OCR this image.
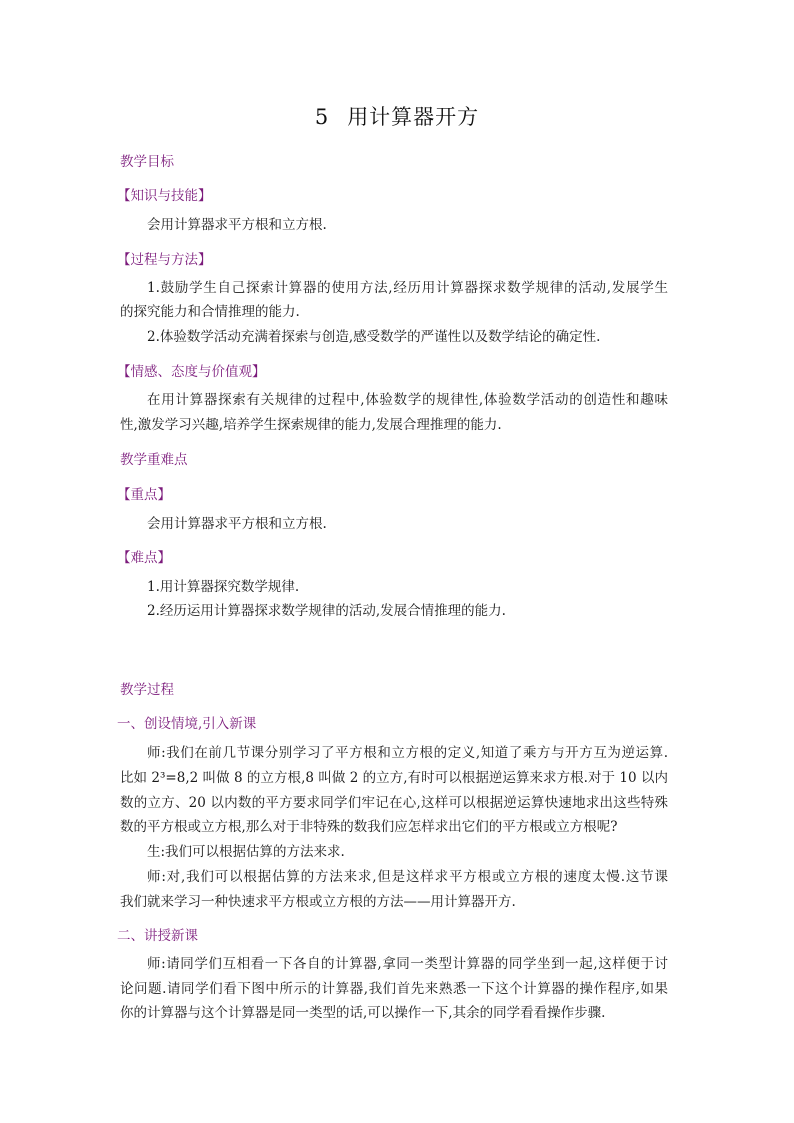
5 用计算器开方
教学目标
【知识与技能】
会用计算器求平方根和立方根.
【过程与方法】
1.鼓励学生自己探索计算器的使用方法,经历用计算器探求数学规律的活动,发展学生
的探究能力和合情推理的能力.
2.体验数学活动充满着探索与创造,感受数学的严谨性以及数学结论的确定性.
【情感、态度与价值观】
在用计算器探索有关规律的过程中,体验数学的规律性,体验数学活动的创造性和趣味
性,激发学习兴趣,培养学生探索规律的能力,发展合理推理的能力.
教学重难点
【重点】
会用计算器求平方根和立方根.
【难点】
1.用计算器探究数学规律.
2.经历运用计算器探求数学规律的活动,发展合情推理的能力.
教学过程
一、创设情境,引入新课
师:我们在前几节课分别学习了平方根和立方根的定义,知道了乘方与开方互为逆运算.
比如 2³=8,2 叫做 8 的立方根,8 叫做 2 的立方,有时可以根据逆运算来求方根.对于 10 以内
数的立方、20 以内数的平方要求同学们牢记在心,这样可以根据逆运算快速地求出这些特殊
数的平方根或立方根,那么对于非特殊的数我们应怎样求出它们的平方根或立方根呢?
生:我们可以根据估算的方法来求.
师:对,我们可以根据估算的方法来求,但是这样求平方根或立方根的速度太慢.这节课
我们就来学习一种快速求平方根或立方根的方法——用计算器开方.
二、讲授新课
师:请同学们互相看一下各自的计算器,拿同一类型计算器的同学坐到一起,这样便于讨
论问题.请同学们看下图中所示的计算器,我们首先来熟悉一下这个计算器的操作程序,如果
你的计算器与这个计算器是同一类型的话,可以操作一下,其余的同学看看操作步骤.
